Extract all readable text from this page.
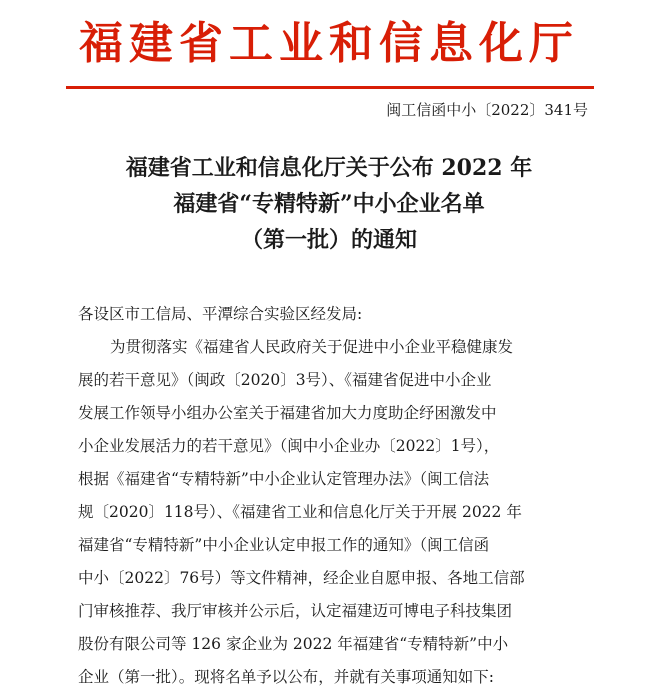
福建省工业和信息化厅
闽工信函中小〔2022〕341号
福建省工业和信息化厅关于公布 2022 年
福建省“专精特新”中小企业名单
（第一批）的通知
各设区市工信局、平潭综合实验区经发局:
为贯彻落实《福建省人民政府关于促进中小企业平稳健康发
展的若干意见》（闽政〔2020〕3号）、《福建省促进中小企业
发展工作领导小组办公室关于福建省加大力度助企纾困激发中
小企业发展活力的若干意见》（闽中小企业办〔2022〕1号），
根据《福建省“专精特新”中小企业认定管理办法》（闽工信法
规〔2020〕118号）、《福建省工业和信息化厅关于开展 2022 年
福建省“专精特新”中小企业认定申报工作的通知》（闽工信函
中小〔2022〕76号）等文件精神，经企业自愿申报、各地工信部
门审核推荐、我厅审核并公示后，认定福建迈可博电子科技集团
股份有限公司等 126 家企业为 2022 年福建省“专精特新”中小
企业（第一批）。现将名单予以公布，并就有关事项通知如下:
